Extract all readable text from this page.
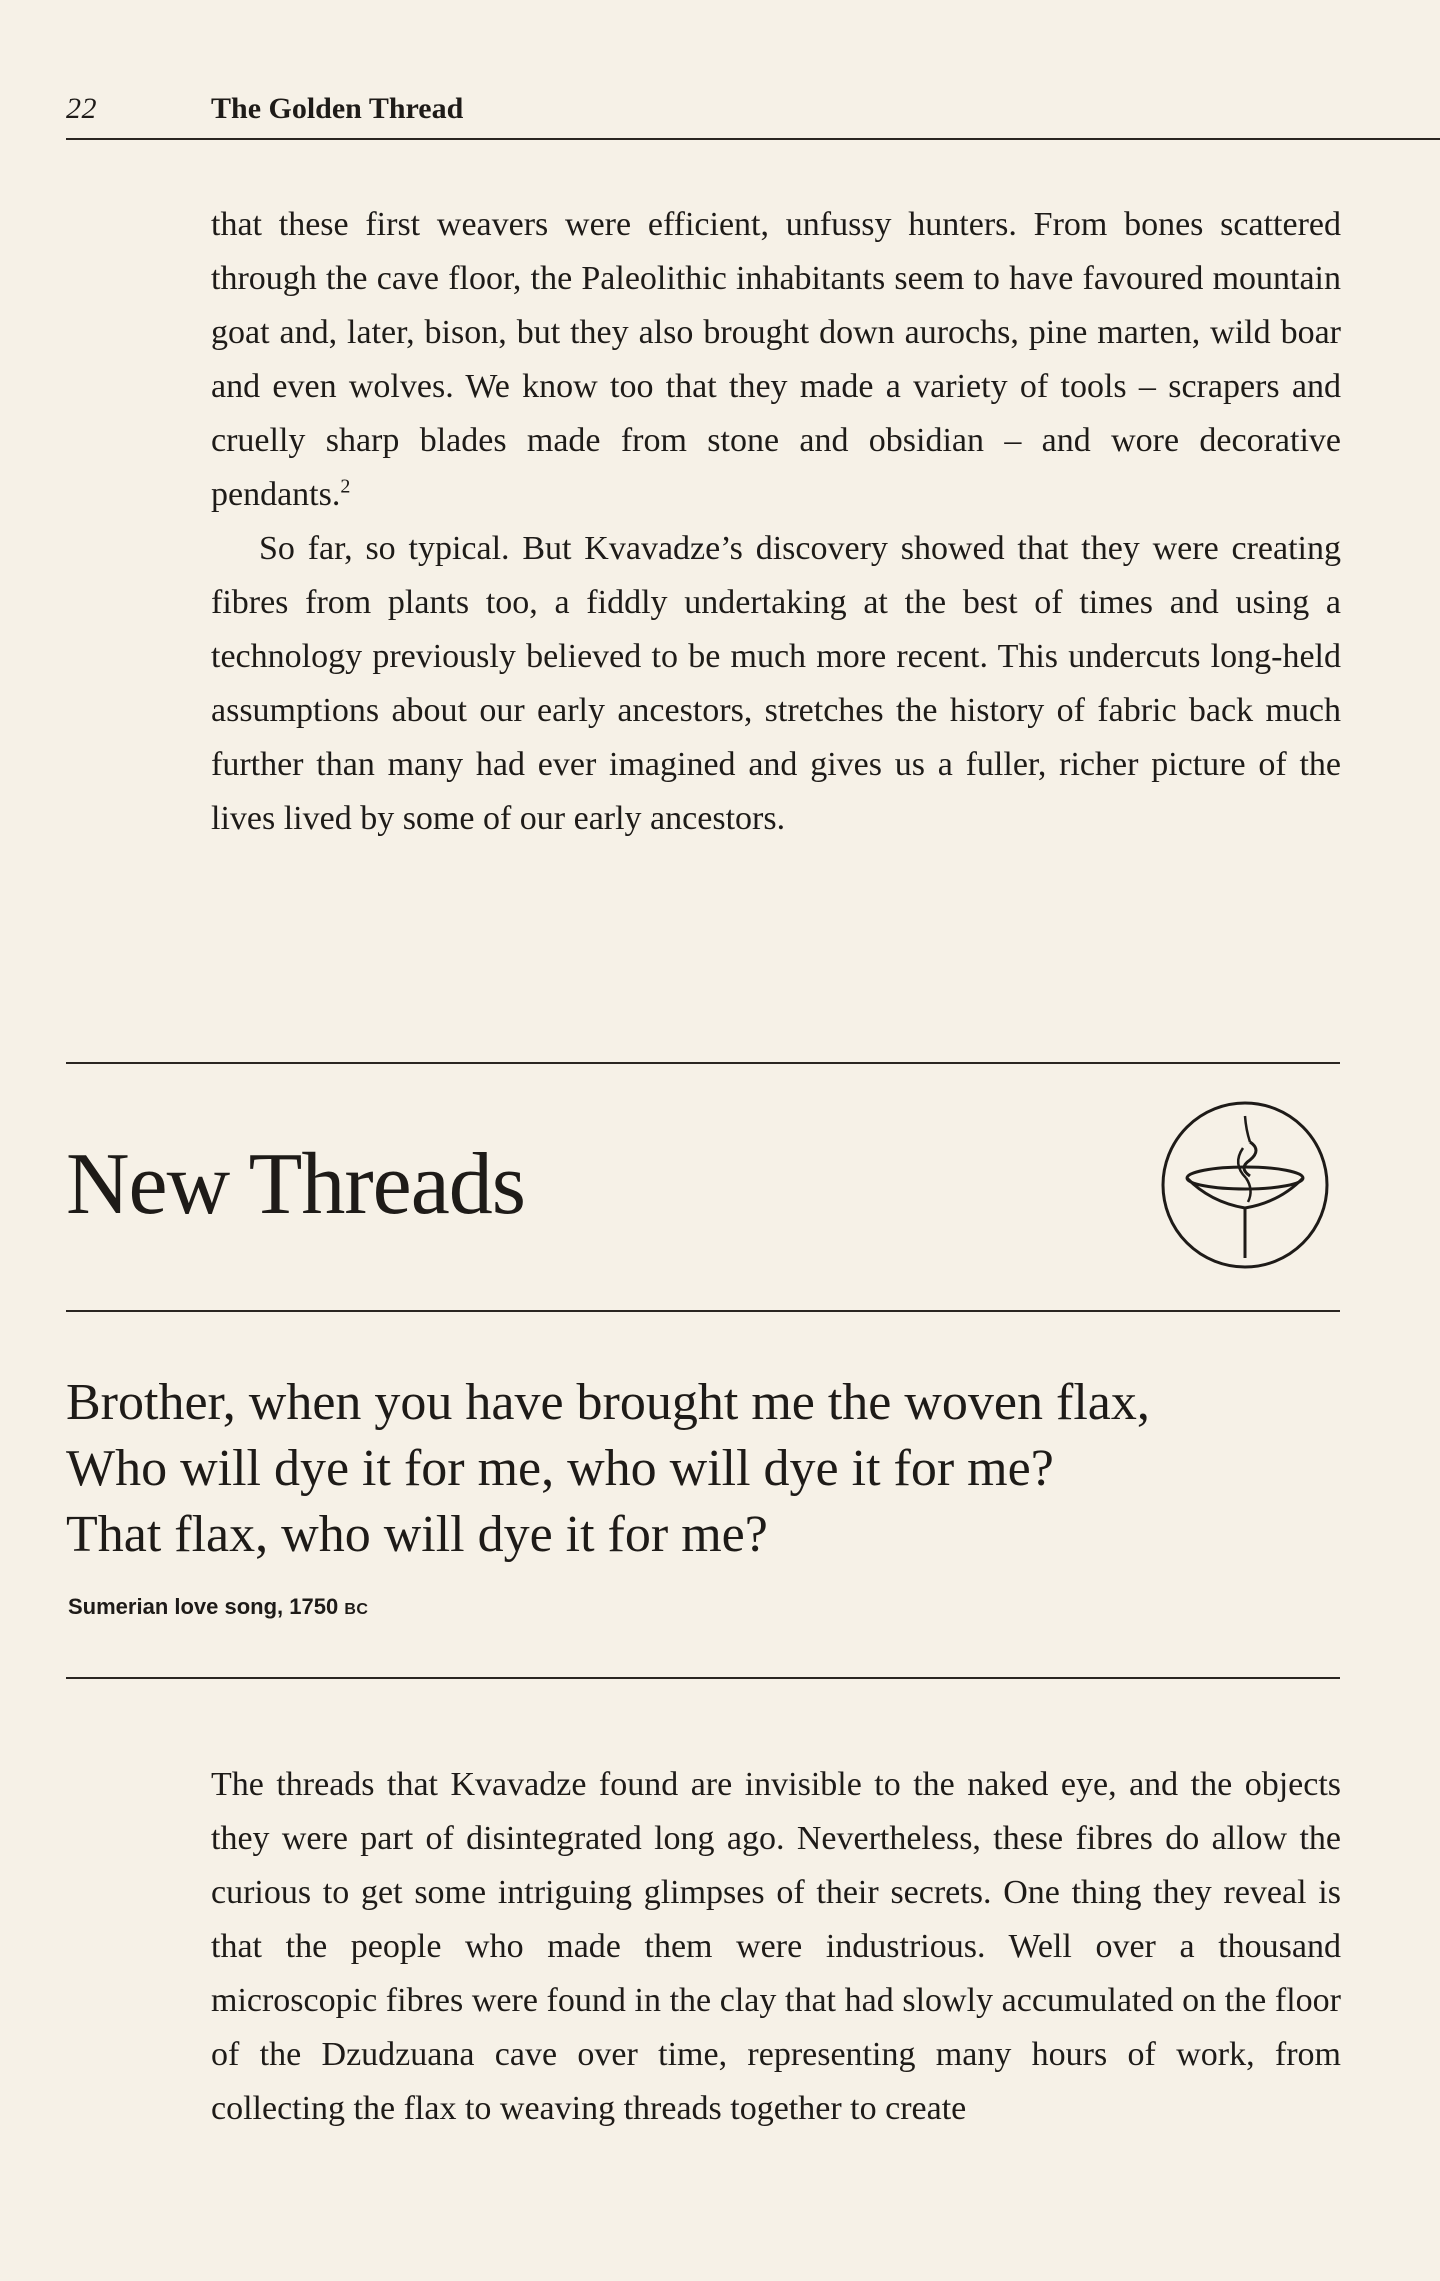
22	The Golden Thread

that these first weavers were efficient, unfussy hunters. From bones scattered through the cave floor, the Paleolithic inhabitants seem to have favoured mountain goat and, later, bison, but they also brought down aurochs, pine marten, wild boar and even wolves. We know too that they made a variety of tools – scrapers and cruelly sharp blades made from stone and obsidian – and wore decorative pendants.$^2$

So far, so typical. But Kvavadze’s discovery showed that they were creating fibres from plants too, a fiddly undertaking at the best of times and using a technology previously believed to be much more recent. This undercuts long-held assumptions about our early ancestors, stretches the history of fabric back much further than many had ever imagined and gives us a fuller, richer picture of the lives lived by some of our early ancestors.

New Threads
Brother, when you have brought me the woven flax,
Who will dye it for me, who will dye it for me?
That flax, who will dye it for me?
Sumerian love song, 1750 BC

The threads that Kvavadze found are invisible to the naked eye, and the objects they were part of disintegrated long ago. Nevertheless, these fibres do allow the curious to get some intriguing glimpses of their secrets. One thing they reveal is that the people who made them were industrious. Well over a thousand microscopic fibres were found in the clay that had slowly accumulated on the floor of the Dzudzuana cave over time, representing many hours of work, from collecting the flax to weaving threads together to create
